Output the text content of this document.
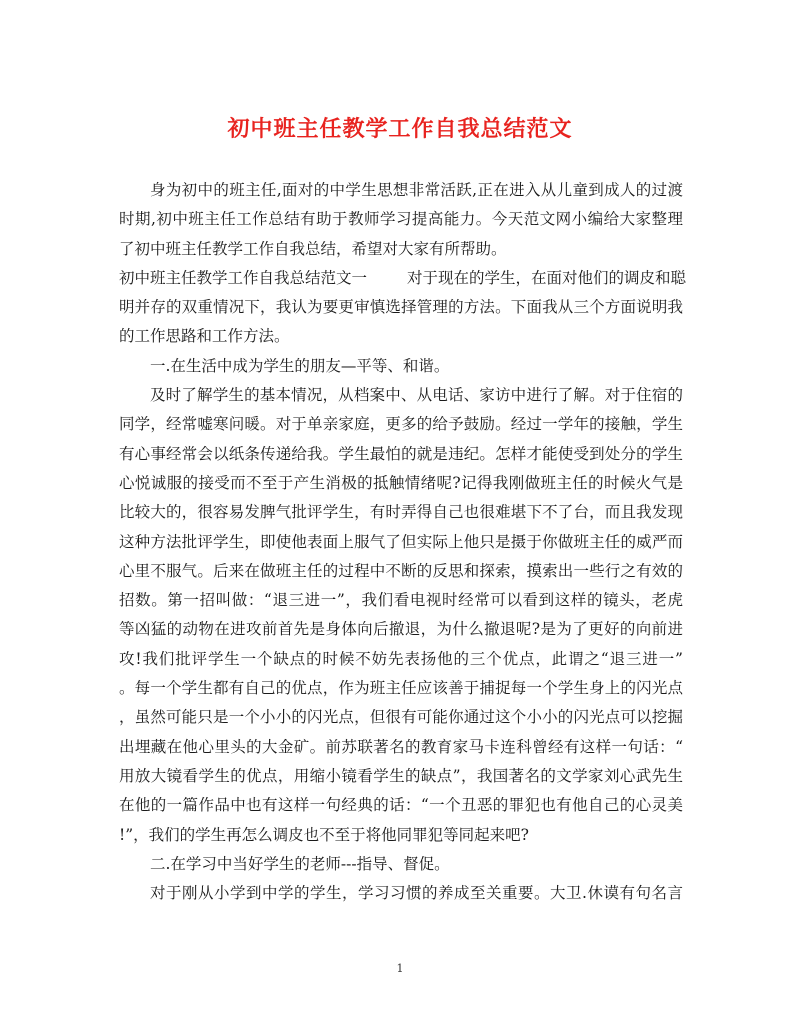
初中班主任教学工作自我总结范文
身为初中的班主任,面对的中学生思想非常活跃,正在进入从儿童到成人的过渡
时期,初中班主任工作总结有助于教师学习提高能力。今天范文网小编给大家整理
了初中班主任教学工作自我总结，希望对大家有所帮助。
初中班主任教学工作自我总结范文一	对于现在的学生，在面对他们的调皮和聪
明并存的双重情况下，我认为要更审慎选择管理的方法。下面我从三个方面说明我
的工作思路和工作方法。
一.在生活中成为学生的朋友—平等、和谐。
及时了解学生的基本情况，从档案中、从电话、家访中进行了解。对于住宿的
同学，经常嘘寒问暖。对于单亲家庭，更多的给予鼓励。经过一学年的接触，学生
有心事经常会以纸条传递给我。学生最怕的就是违纪。怎样才能使受到处分的学生
心悦诚服的接受而不至于产生消极的抵触情绪呢?记得我刚做班主任的时候火气是
比较大的，很容易发脾气批评学生，有时弄得自己也很难堪下不了台，而且我发现
这种方法批评学生，即使他表面上服气了但实际上他只是摄于你做班主任的威严而
心里不服气。后来在做班主任的过程中不断的反思和探索，摸索出一些行之有效的
招数。第一招叫做：“退三进一”，我们看电视时经常可以看到这样的镜头，老虎
等凶猛的动物在进攻前首先是身体向后撤退，为什么撤退呢?是为了更好的向前进
攻!我们批评学生一个缺点的时候不妨先表扬他的三个优点，此谓之“退三进一”
。每一个学生都有自己的优点，作为班主任应该善于捕捉每一个学生身上的闪光点
，虽然可能只是一个小小的闪光点，但很有可能你通过这个小小的闪光点可以挖掘
出埋藏在他心里头的大金矿。前苏联著名的教育家马卡连科曾经有这样一句话：“
用放大镜看学生的优点，用缩小镜看学生的缺点”，我国著名的文学家刘心武先生
在他的一篇作品中也有这样一句经典的话：“一个丑恶的罪犯也有他自己的心灵美
!”，我们的学生再怎么调皮也不至于将他同罪犯等同起来吧?
二.在学习中当好学生的老师---指导、督促。
对于刚从小学到中学的学生，学习习惯的养成至关重要。大卫.休谟有句名言
1
